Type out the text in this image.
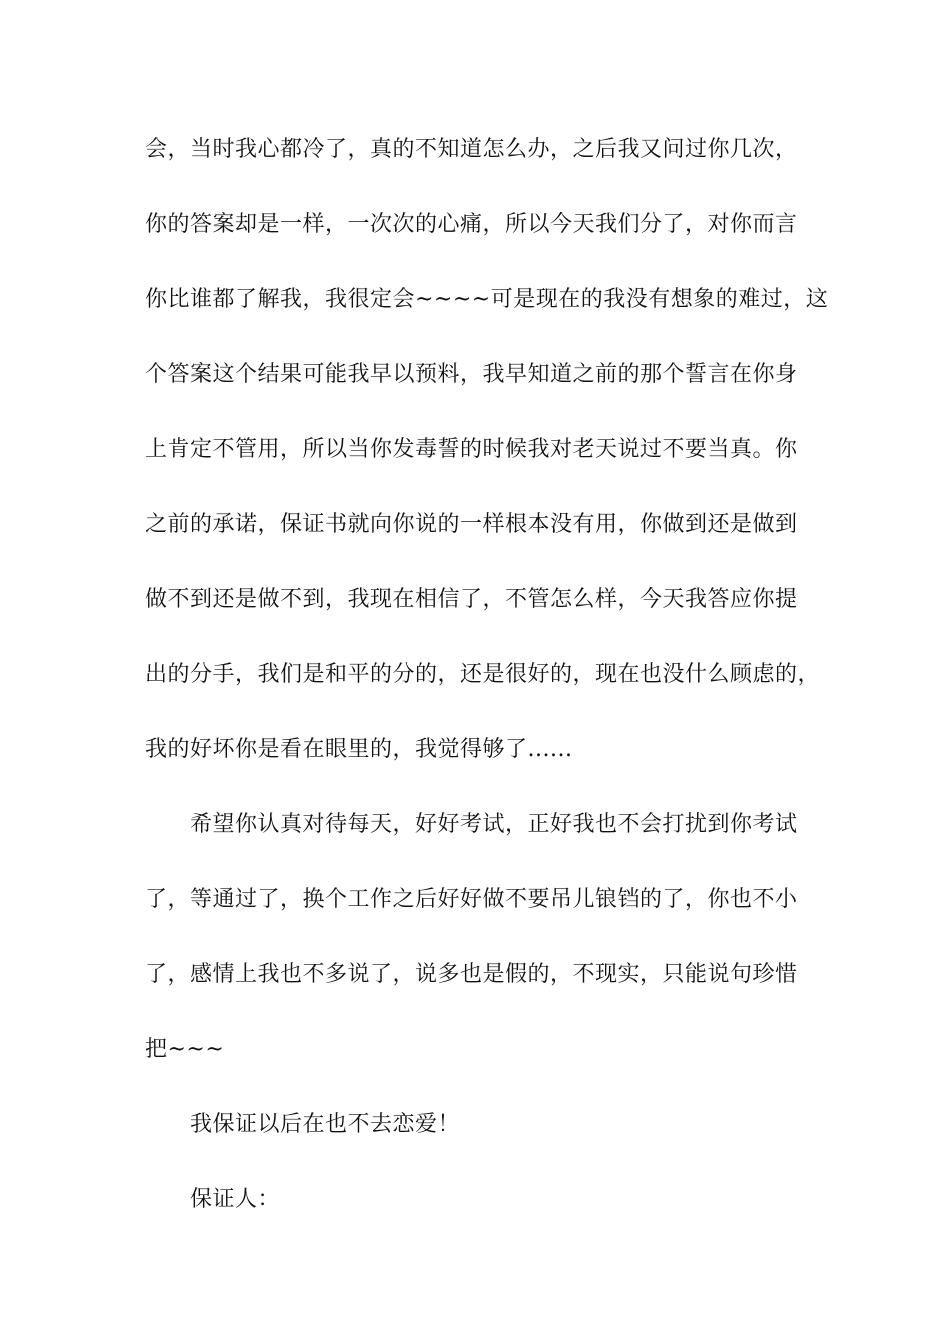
会，当时我心都冷了，真的不知道怎么办，之后我又问过你几次，
你的答案却是一样，一次次的心痛，所以今天我们分了，对你而言
你比谁都了解我，我很定会~~~~可是现在的我没有想象的难过，这
个答案这个结果可能我早以预料，我早知道之前的那个誓言在你身
上肯定不管用，所以当你发毒誓的时候我对老天说过不要当真。你
之前的承诺，保证书就向你说的一样根本没有用，你做到还是做到
做不到还是做不到，我现在相信了，不管怎么样，今天我答应你提
出的分手，我们是和平的分的，还是很好的，现在也没什么顾虑的，
我的好坏你是看在眼里的，我觉得够了......
希望你认真对待每天，好好考试，正好我也不会打扰到你考试
了，等通过了，换个工作之后好好做不要吊儿锒铛的了，你也不小
了，感情上我也不多说了，说多也是假的，不现实，只能说句珍惜
把~~~
我保证以后在也不去恋爱！
保证人：
